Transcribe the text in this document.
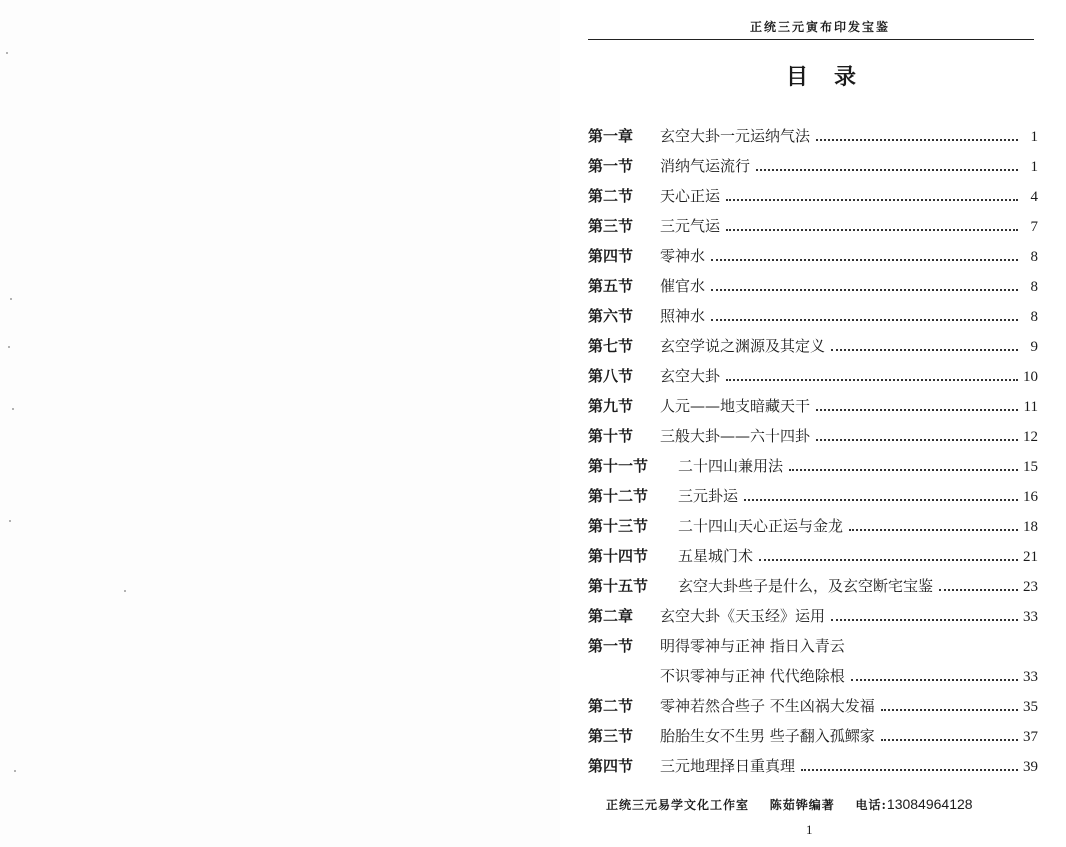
正统三元寅布印发宝鉴
目录
第一章	玄空大卦一元运纳气法	1
第一节	消纳气运流行	1
第二节	天心正运	4
第三节	三元气运	7
第四节	零神水	8
第五节	催官水	8
第六节	照神水	8
第七节	玄空学说之渊源及其定义	9
第八节	玄空大卦	10
第九节	人元——地支暗藏天干	11
第十节	三般大卦——六十四卦	12
第十一节	二十四山兼用法	15
第十二节	三元卦运	16
第十三节	二十四山天心正运与金龙	18
第十四节	五星城门术	21
第十五节	玄空大卦些子是什么，及玄空断宅宝鉴	23
第二章	玄空大卦《天玉经》运用	33
第一节	明得零神与正神 指日入青云
不识零神与正神 代代绝除根	33
第二节	零神若然合些子 不生凶祸大发福	35
第三节	胎胎生女不生男 些子翻入孤鳏家	37
第四节	三元地理择日重真理	39
正统三元易学文化工作室 陈茹铧编著 电话:13084964128
1
